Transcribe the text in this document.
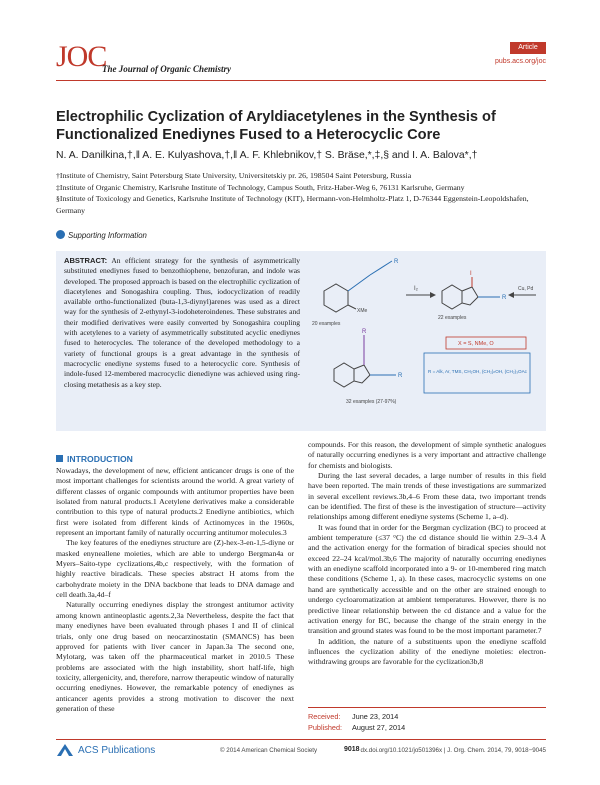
JOC
The Journal of Organic Chemistry
Article
pubs.acs.org/joc
Electrophilic Cyclization of Aryldiacetylenes in the Synthesis of Functionalized Enediynes Fused to a Heterocyclic Core
N. A. Danilkina,†,‖ A. E. Kulyashova,†,‖ A. F. Khlebnikov,† S. Bräse,*,‡,§ and I. A. Balova*,†

†Institute of Chemistry, Saint Petersburg State University, Universitetskiy pr. 26, 198504 Saint Petersburg, Russia

‡Institute of Organic Chemistry, Karlsruhe Institute of Technology, Campus South, Fritz-Haber-Weg 6, 76131 Karlsruhe, Germany

§Institute of Toxicology and Genetics, Karlsruhe Institute of Technology (KIT), Hermann-von-Helmholtz-Platz 1, D-76344 Eggenstein-Leopoldshafen, Germany

Supporting Information
ABSTRACT: An efficient strategy for the synthesis of asymmetrically substituted enediynes fused to benzothiophene, benzofuran, and indole was developed. The proposed approach is based on the electrophilic cyclization of diacetylenes and Sonogashira coupling. Thus, iodocyclization of readily available ortho-functionalized (buta-1,3-diynyl)arenes was used as a direct way for the synthesis of 2-ethynyl-3-iodoheteroindenes. These substrates and their modified derivatives were easily converted by Sonogashira coupling with acetylenes to a variety of asymmetrically substituted acyclic enediynes fused to heterocycles. The tolerance of the developed methodology to a variety of functional groups is a great advantage in the synthesis of macrocyclic enediyne systems fused to a heterocyclic core. Synthesis of indole-fused 12-membered macrocyclic dienediyne was achieved using ring-closing metathesis as a key step.
R
XMe
20 examples
I₂
I
R
22 examples
Cu, Pd
R
R
32 examples (27-97%)
X = S, NMe, O
R = Alk, Ar, TMS, CH₂OH, (CH₂)ₙOH, (CH₂)₃OAc
INTRODUCTION

Nowadays, the development of new, efficient anticancer drugs is one of the most important challenges for scientists around the world. A great variety of different classes of organic compounds with antitumor properties have been isolated from natural products.1 Acetylene derivatives make a considerable contribution to this type of natural products.2 Enediyne antibiotics, which first were isolated from different kinds of Actinomyces in the 1960s, represent an important family of naturally occurring antitumor molecules.3

The key features of the enediynes structure are (Z)-hex-3-en-1,5-diyne or masked enyneallene moieties, which are able to undergo Bergman4a or Myers–Saito-type cyclizations,4b,c respectively, with the formation of highly reactive biradicals. These species abstract H atoms from the carbohydrate moiety in the DNA backbone that leads to DNA damage and cell death.3a,4d–f

Naturally occurring enediynes display the strongest antitumor activity among known antineoplastic agents.2,3a Nevertheless, despite the fact that many enediynes have been evaluated through phases I and II of clinical trials, only one drug based on neocarzinostatin (SMANCS) has been approved for patients with liver cancer in Japan.3a The second one, Mylotarg, was taken off the pharmaceutical market in 2010.5 These problems are associated with the high instability, short half-life, high toxicity, allergenicity, and, therefore, narrow therapeutic window of naturally occurring enediynes. However, the remarkable potency of enediynes as anticancer agents provides a strong motivation to discover the next generation of these

compounds. For this reason, the development of simple synthetic analogues of naturally occurring enediynes is a very important and attractive challenge for chemists and biologists.

During the last several decades, a large number of results in this field have been reported. The main trends of these investigations are summarized in several excellent reviews.3b,4–6 From these data, two important trends can be identified. The first of these is the investigation of structure—activity relationships among different enediyne systems (Scheme 1, a–d).

It was found that in order for the Bergman cyclization (BC) to proceed at ambient temperature (≤37 °C) the cd distance should lie within 2.9–3.4 Å and the activation energy for the formation of biradical species should not exceed 22–24 kcal/mol.3b,6 The majority of naturally occurring enediynes with an enediyne scaffold incorporated into a 9- or 10-membered ring match these conditions (Scheme 1, a). In these cases, macrocyclic systems on one hand are synthetically accessible and on the other are strained enough to undergo cycloaromatization at ambient temperatures. However, there is no predictive linear relationship between the cd distance and a value for the activation energy for BC, because the change of the strain energy in the transition and ground states was found to be the most important parameter.7

In addition, the nature of a substituents upon the enediyne scaffold influences the cyclization ability of the enediyne moieties: electron-withdrawing groups are favorable for the cyclization3b,8

Received: June 23, 2014
Published: August 27, 2014
ACS Publications	© 2014 American Chemical Society	9018 dx.doi.org/10.1021/jo501396x | J. Org. Chem. 2014, 79, 9018−9045
